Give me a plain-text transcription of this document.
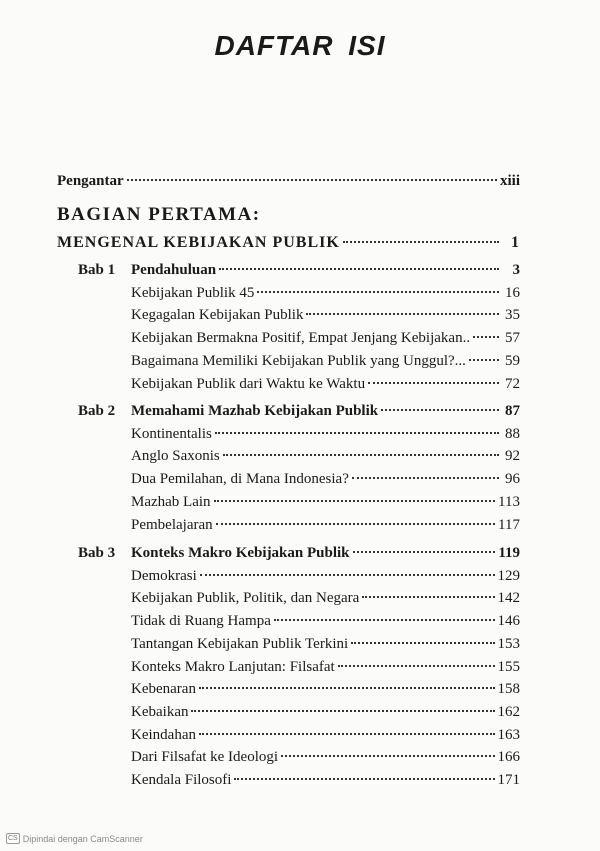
DAFTAR ISI
Pengantar	xiii
BAGIAN PERTAMA:
MENGENAL KEBIJAKAN PUBLIK	1
Bab 1 Pendahuluan	3
Kebijakan Publik 45	16
Kegagalan Kebijakan Publik	35
Kebijakan Bermakna Positif, Empat Jenjang Kebijakan.. 57
Bagaimana Memiliki Kebijakan Publik yang Unggul?...	59
Kebijakan Publik dari Waktu ke Waktu	72
Bab 2 Memahami Mazhab Kebijakan Publik	87
Kontinentalis	88
Anglo Saxonis	92
Dua Pemilahan, di Mana Indonesia?	96
Mazhab Lain	113
Pembelajaran	117
Bab 3 Konteks Makro Kebijakan Publik	119
Demokrasi	129
Kebijakan Publik, Politik, dan Negara	142
Tidak di Ruang Hampa	146
Tantangan Kebijakan Publik Terkini	153
Konteks Makro Lanjutan: Filsafat	155
Kebenaran	158
Kebaikan	162
Keindahan	163
Dari Filsafat ke Ideologi	166
Kendala Filosofi	171
CS Dipindai dengan CamScanner
